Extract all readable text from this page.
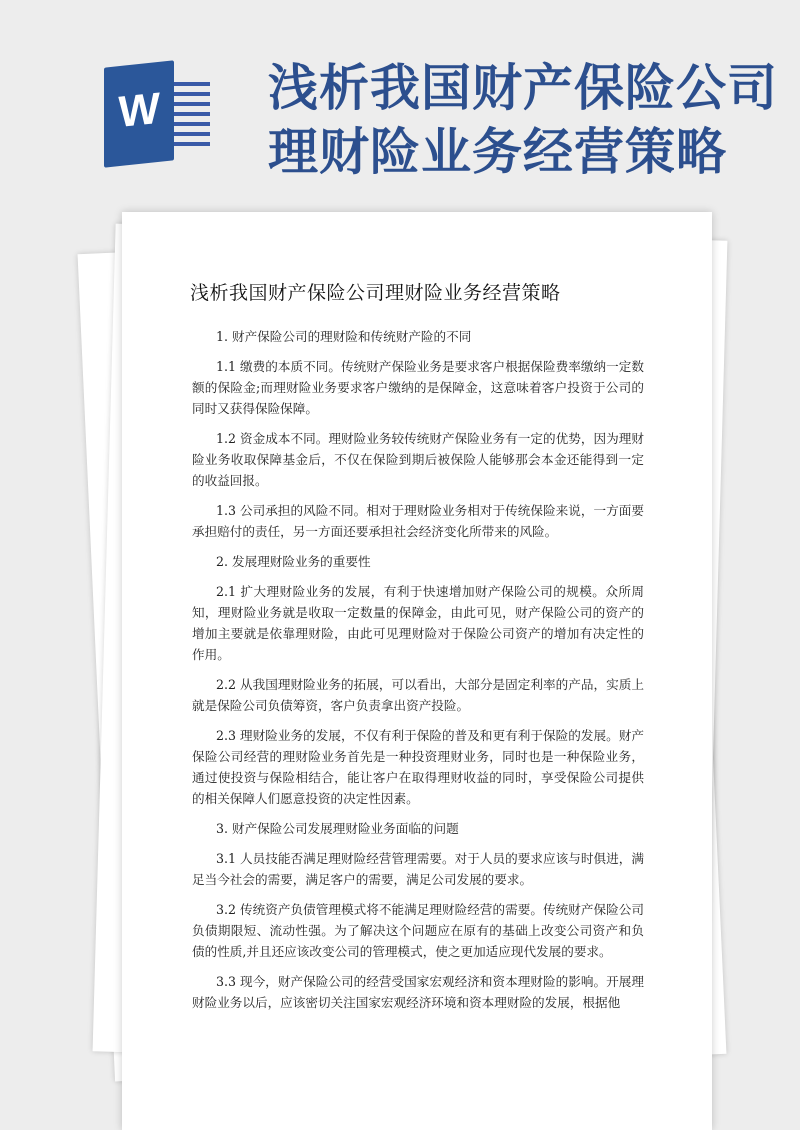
W 浅析我国财产保险公司理财险业务经营策略
浅析我国财产保险公司理财险业务经营策略

1. 财产保险公司的理财险和传统财产险的不同

1.1 缴费的本质不同。传统财产保险业务是要求客户根据保险费率缴纳一定数额的保险金;而理财险业务要求客户缴纳的是保障金，这意味着客户投资于公司的同时又获得保险保障。

1.2 资金成本不同。理财险业务较传统财产保险业务有一定的优势，因为理财险业务收取保障基金后，不仅在保险到期后被保险人能够那会本金还能得到一定的收益回报。

1.3 公司承担的风险不同。相对于理财险业务相对于传统保险来说，一方面要承担赔付的责任，另一方面还要承担社会经济变化所带来的风险。

2. 发展理财险业务的重要性

2.1 扩大理财险业务的发展，有利于快速增加财产保险公司的规模。众所周知，理财险业务就是收取一定数量的保障金，由此可见，财产保险公司的资产的增加主要就是依靠理财险，由此可见理财险对于保险公司资产的增加有决定性的作用。

2.2 从我国理财险业务的拓展，可以看出，大部分是固定利率的产品，实质上就是保险公司负债筹资，客户负责拿出资产投险。

2.3 理财险业务的发展，不仅有利于保险的普及和更有利于保险的发展。财产保险公司经营的理财险业务首先是一种投资理财业务，同时也是一种保险业务，通过使投资与保险相结合，能让客户在取得理财收益的同时，享受保险公司提供的相关保障人们愿意投资的决定性因素。

3. 财产保险公司发展理财险业务面临的问题

3.1 人员技能否满足理财险经营管理需要。对于人员的要求应该与时俱进，满足当今社会的需要，满足客户的需要，满足公司发展的要求。

3.2 传统资产负债管理模式将不能满足理财险经营的需要。传统财产保险公司负债期限短、流动性强。为了解决这个问题应在原有的基础上改变公司资产和负债的性质,并且还应该改变公司的管理模式，使之更加适应现代发展的要求。

3.3 现今，财产保险公司的经营受国家宏观经济和资本理财险的影响。开展理财险业务以后，应该密切关注国家宏观经济环境和资本理财险的发展，根据他
